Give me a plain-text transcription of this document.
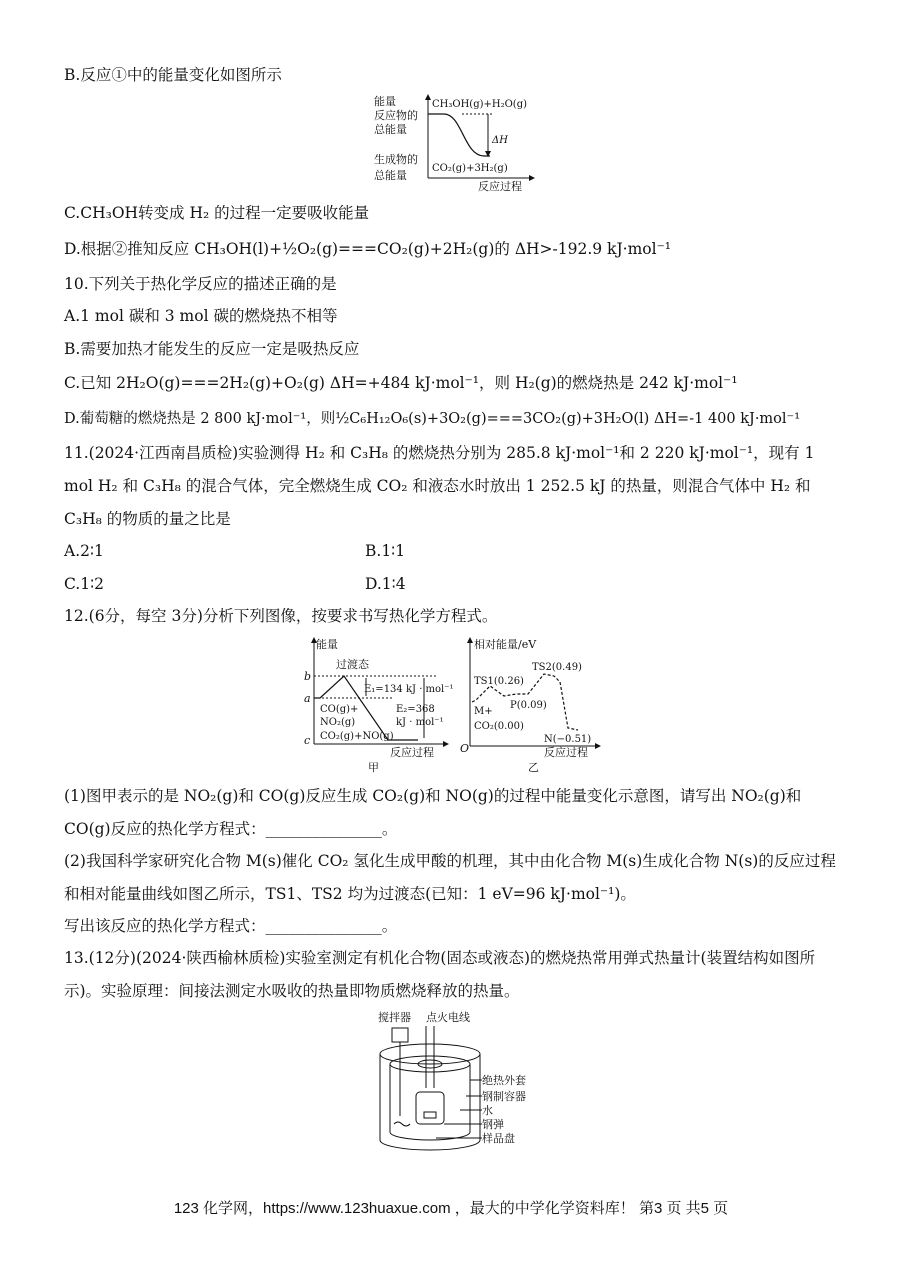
B.反应①中的能量变化如图所示
能量
反应物的
总能量
生成物的
总能量
CH₃OH(g)+H₂O(g)
CO₂(g)+3H₂(g)
ΔH
反应过程
C.CH₃OH转变成 H₂ 的过程一定要吸收能量
D.根据②推知反应 CH₃OH(l)+½O₂(g)===CO₂(g)+2H₂(g)的 ΔH>-192.9 kJ·mol⁻¹
10.下列关于热化学反应的描述正确的是
A.1 mol 碳和 3 mol 碳的燃烧热不相等
B.需要加热才能发生的反应一定是吸热反应
C.已知 2H₂O(g)===2H₂(g)+O₂(g) ΔH=+484 kJ·mol⁻¹，则 H₂(g)的燃烧热是 242 kJ·mol⁻¹
D.葡萄糖的燃烧热是 2 800 kJ·mol⁻¹，则½C₆H₁₂O₆(s)+3O₂(g)===3CO₂(g)+3H₂O(l) ΔH=-1 400 kJ·mol⁻¹
11.(2024·江西南昌质检)实验测得 H₂ 和 C₃H₈ 的燃烧热分别为 285.8 kJ·mol⁻¹和 2 220 kJ·mol⁻¹，现有 1 mol H₂ 和 C₃H₈ 的混合气体，完全燃烧生成 CO₂ 和液态水时放出 1 252.5 kJ 的热量，则混合气体中 H₂ 和 C₃H₈ 的物质的量之比是
A.2∶1	B.1∶1
C.1∶2	D.1∶4
12.(6分，每空 3分)分析下列图像，按要求书写热化学方程式。
能量
过渡态
b
a
c
E₁=134 kJ · mol⁻¹
E₂=368
kJ · mol⁻¹
CO(g)+
NO₂(g)
CO₂(g)+NO(g)
反应过程
甲
相对能量/eV
TS2(0.49)
TS1(0.26)
P(0.09)
M+
CO₂(0.00)
N(−0.51)
O	反应过程
乙
(1)图甲表示的是 NO₂(g)和 CO(g)反应生成 CO₂(g)和 NO(g)的过程中能量变化示意图，请写出 NO₂(g)和 CO(g)反应的热化学方程式：_______________。
(2)我国科学家研究化合物 M(s)催化 CO₂ 氢化生成甲酸的机理，其中由化合物 M(s)生成化合物 N(s)的反应过程和相对能量曲线如图乙所示，TS1、TS2 均为过渡态(已知：1 eV=96 kJ·mol⁻¹)。
写出该反应的热化学方程式：_______________。
13.(12分)(2024·陕西榆林质检)实验室测定有机化合物(固态或液态)的燃烧热常用弹式热量计(装置结构如图所示)。实验原理：间接法测定水吸收的热量即物质燃烧释放的热量。
搅拌器 点火电线
绝热外套
钢制容器
水
钢弹
样品盘
123 化学网，https://www.123huaxue.com ，最大的中学化学资料库！ 第3 页 共5 页
